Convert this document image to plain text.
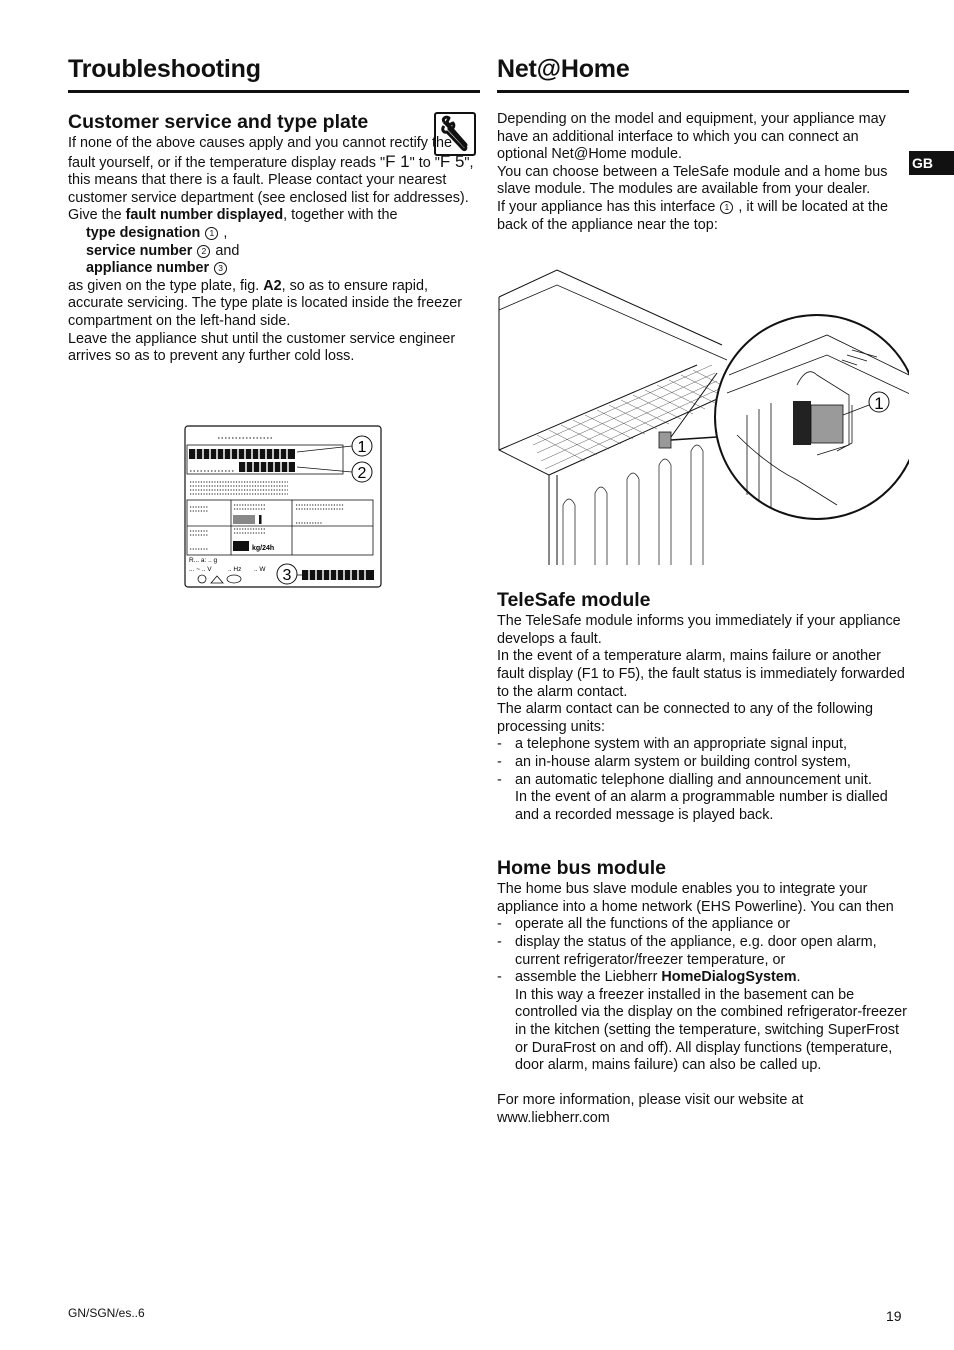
Troubleshooting
Customer service and type plate

If none of the above causes apply and you cannot rectify the fault yourself, or if the temperature display reads "F 1" to "F 5", this means that there is a fault. Please contact your nearest customer service department (see enclosed list for addresses). Give the fault number displayed, together with the

type designation 1 ,
service number 2 and
appliance number 3

as given on the type plate, fig. A2, so as to ensure rapid, accurate servicing. The type plate is located inside the freezer compartment on the left-hand side.

Leave the appliance shut until the customer service engineer arrives so as to prevent any further cold loss.

kg/24h
R... a: .. g
... ~ .. V	.. Hz .. W
1
2
3
Net@Home

Depending on the model and equipment, your appliance may have an additional interface to which you can connect an optional Net@Home module.

You can choose between a TeleSafe module and a home bus slave module. The modules are available from your dealer.

If your appliance has this interface 1 , it will be located at the back of the appliance near the top:

TeleSafe module

The TeleSafe module informs you immediately if your appliance develops a fault.

In the event of a temperature alarm, mains failure or another fault display (F1 to F5), the fault status is immediately forwarded to the alarm contact.

The alarm contact can be connected to any of the following processing units:

- a telephone system with an appropriate signal input,
- an in-house alarm system or building control system,
- an automatic telephone dialling and announcement unit.
In the event of an alarm a programmable number is dialled and a recorded message is played back.
Home bus module

The home bus slave module enables you to integrate your appliance into a home network (EHS Powerline). You can then

- operate all the functions of the appliance or
- display the status of the appliance, e.g. door open alarm, current refrigerator/freezer temperature, or
- assemble the Liebherr HomeDialogSystem.
In this way a freezer installed in the basement can be controlled via the display on the combined refrigerator-freezer in the kitchen (setting the temperature, switching SuperFrost or DuraFrost on and off). All display functions (temperature, door alarm, mains failure) can also be called up.

For more information, please visit our website at

www.liebherr.com

1
GB
GN/SGN/es..6	19
